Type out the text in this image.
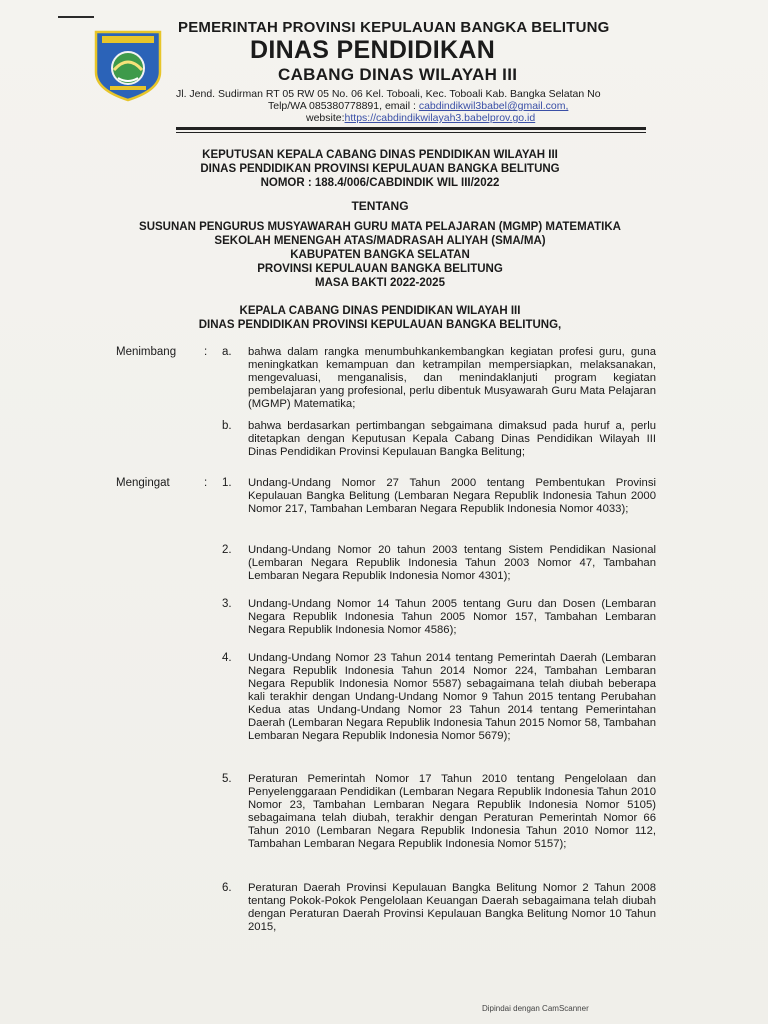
PEMERINTAH PROVINSI KEPULAUAN BANGKA BELITUNG
DINAS PENDIDIKAN
CABANG DINAS WILAYAH III
Jl. Jend. Sudirman RT 05 RW 05 No. 06 Kel. Toboali, Kec. Toboali Kab. Bangka Selatan No
Telp/WA 085380778891, email : cabdindikwil3babel@gmail.com,
website:https://cabdindikwilayah3.babelprov.go.id
KEPUTUSAN KEPALA CABANG DINAS PENDIDIKAN WILAYAH III
DINAS PENDIDIKAN PROVINSI KEPULAUAN BANGKA BELITUNG
NOMOR : 188.4/006/CABDINDIK WIL III/2022
TENTANG
SUSUNAN PENGURUS MUSYAWARAH GURU MATA PELAJARAN (MGMP) MATEMATIKA
SEKOLAH MENENGAH ATAS/MADRASAH ALIYAH (SMA/MA)
KABUPATEN BANGKA SELATAN
PROVINSI KEPULAUAN BANGKA BELITUNG
MASA BAKTI 2022-2025
KEPALA CABANG DINAS PENDIDIKAN WILAYAH III
DINAS PENDIDIKAN PROVINSI KEPULAUAN BANGKA BELITUNG,
Menimbang : a.	bahwa dalam rangka menumbuhkankembangkan kegiatan profesi guru, guna meningkatkan kemampuan dan ketrampilan mempersiapkan, melaksanakan, mengevaluasi, menganalisis, dan menindaklanjuti program kegiatan pembelajaran yang profesional, perlu dibentuk Musyawarah Guru Mata Pelajaran (MGMP) Matematika;
b.	bahwa berdasarkan pertimbangan sebgaimana dimaksud pada huruf a, perlu ditetapkan dengan Keputusan Kepala Cabang Dinas Pendidikan Wilayah III Dinas Pendidikan Provinsi Kepulauan Bangka Belitung;
Mengingat	: 1.	Undang-Undang Nomor 27 Tahun 2000 tentang Pembentukan Provinsi Kepulauan Bangka Belitung (Lembaran Negara Republik Indonesia Tahun 2000 Nomor 217, Tambahan Lembaran Negara Republik Indonesia Nomor 4033);
2.	Undang-Undang Nomor 20 tahun 2003 tentang Sistem Pendidikan Nasional (Lembaran Negara Republik Indonesia Tahun 2003 Nomor 47, Tambahan Lembaran Negara Republik Indonesia Nomor 4301);
3.	Undang-Undang Nomor 14 Tahun 2005 tentang Guru dan Dosen (Lembaran Negara Republik Indonesia Tahun 2005 Nomor 157, Tambahan Lembaran Negara Republik Indonesia Nomor 4586);
4.	Undang-Undang Nomor 23 Tahun 2014 tentang Pemerintah Daerah (Lembaran Negara Republik Indonesia Tahun 2014 Nomor 224, Tambahan Lembaran Negara Republik Indonesia Nomor 5587) sebagaimana telah diubah beberapa kali terakhir dengan Undang-Undang Nomor 9 Tahun 2015 tentang Perubahan Kedua atas Undang-Undang Nomor 23 Tahun 2014 tentang Pemerintahan Daerah (Lembaran Negara Republik Indonesia Tahun 2015 Nomor 58, Tambahan Lembaran Negara Republik Indonesia Nomor 5679);
5.	Peraturan Pemerintah Nomor 17 Tahun 2010 tentang Pengelolaan dan Penyelenggaraan Pendidikan (Lembaran Negara Republik Indonesia Tahun 2010 Nomor 23, Tambahan Lembaran Negara Republik Indonesia Nomor 5105) sebagaimana telah diubah, terakhir dengan Peraturan Pemerintah Nomor 66 Tahun 2010 (Lembaran Negara Republik Indonesia Tahun 2010 Nomor 112, Tambahan Lembaran Negara Republik Indonesia Nomor 5157);
6.	Peraturan Daerah Provinsi Kepulauan Bangka Belitung Nomor 2 Tahun 2008 tentang Pokok-Pokok Pengelolaan Keuangan Daerah sebagaimana telah diubah dengan Peraturan Daerah Provinsi Kepulauan Bangka Belitung Nomor 10 Tahun 2015,
Dipindai dengan CamScanner
